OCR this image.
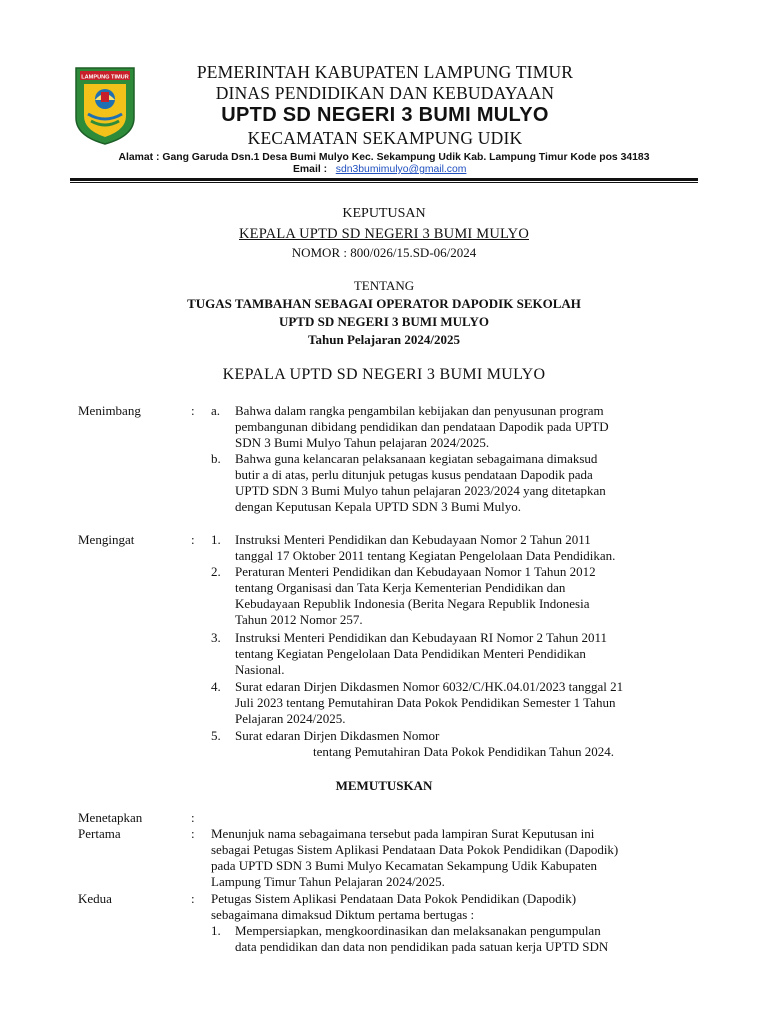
LAMPUNG TIMUR	PEMERINTAH KABUPATEN LAMPUNG TIMUR
DINAS PENDIDIKAN DAN KEBUDAYAAN
UPTD SD NEGERI 3 BUMI MULYO
KECAMATAN SEKAMPUNG UDIK
Alamat : Gang Garuda Dsn.1 Desa Bumi Mulyo Kec. Sekampung Udik Kab. Lampung Timur Kode pos 34183
Email : sdn3bumimulyo@gmail.com
KEPUTUSAN
KEPALA UPTD SD NEGERI 3 BUMI MULYO
NOMOR : 800/026/15.SD-06/2024
TENTANG
TUGAS TAMBAHAN SEBAGAI OPERATOR DAPODIK SEKOLAH
UPTD SD NEGERI 3 BUMI MULYO
Tahun Pelajaran 2024/2025
KEPALA UPTD SD NEGERI 3 BUMI MULYO
Menimbang	: a. Bahwa dalam rangka pengambilan kebijakan dan penyusunan program
pembangunan dibidang pendidikan dan pendataan Dapodik pada UPTD
SDN 3 Bumi Mulyo Tahun pelajaran 2024/2025.
b. Bahwa guna kelancaran pelaksanaan kegiatan sebagaimana dimaksud
butir a di atas, perlu ditunjuk petugas kusus pendataan Dapodik pada
UPTD SDN 3 Bumi Mulyo tahun pelajaran 2023/2024 yang ditetapkan
dengan Keputusan Kepala UPTD SDN 3 Bumi Mulyo.
Mengingat	: 1. Instruksi Menteri Pendidikan dan Kebudayaan Nomor 2 Tahun 2011
tanggal 17 Oktober 2011 tentang Kegiatan Pengelolaan Data Pendidikan.
2. Peraturan Menteri Pendidikan dan Kebudayaan Nomor 1 Tahun 2012
tentang Organisasi dan Tata Kerja Kementerian Pendidikan dan
Kebudayaan Republik Indonesia (Berita Negara Republik Indonesia
Tahun 2012 Nomor 257.
3. Instruksi Menteri Pendidikan dan Kebudayaan RI Nomor 2 Tahun 2011
tentang Kegiatan Pengelolaan Data Pendidikan Menteri Pendidikan
Nasional.
4. Surat edaran Dirjen Dikdasmen Nomor 6032/C/HK.04.01/2023 tanggal 21
Juli 2023 tentang Pemutahiran Data Pokok Pendidikan Semester 1 Tahun
Pelajaran 2024/2025.
5. Surat edaran Dirjen Dikdasmen Nomor
tentang Pemutahiran Data Pokok Pendidikan Tahun 2024.
MEMUTUSKAN
Menetapkan	:
Pertama	: Menunjuk nama sebagaimana tersebut pada lampiran Surat Keputusan ini
sebagai Petugas Sistem Aplikasi Pendataan Data Pokok Pendidikan (Dapodik)
pada UPTD SDN 3 Bumi Mulyo Kecamatan Sekampung Udik Kabupaten
Lampung Timur Tahun Pelajaran 2024/2025.
Kedua	: Petugas Sistem Aplikasi Pendataan Data Pokok Pendidikan (Dapodik)
sebagaimana dimaksud Diktum pertama bertugas :
1. Mempersiapkan, mengkoordinasikan dan melaksanakan pengumpulan
data pendidikan dan data non pendidikan pada satuan kerja UPTD SDN
